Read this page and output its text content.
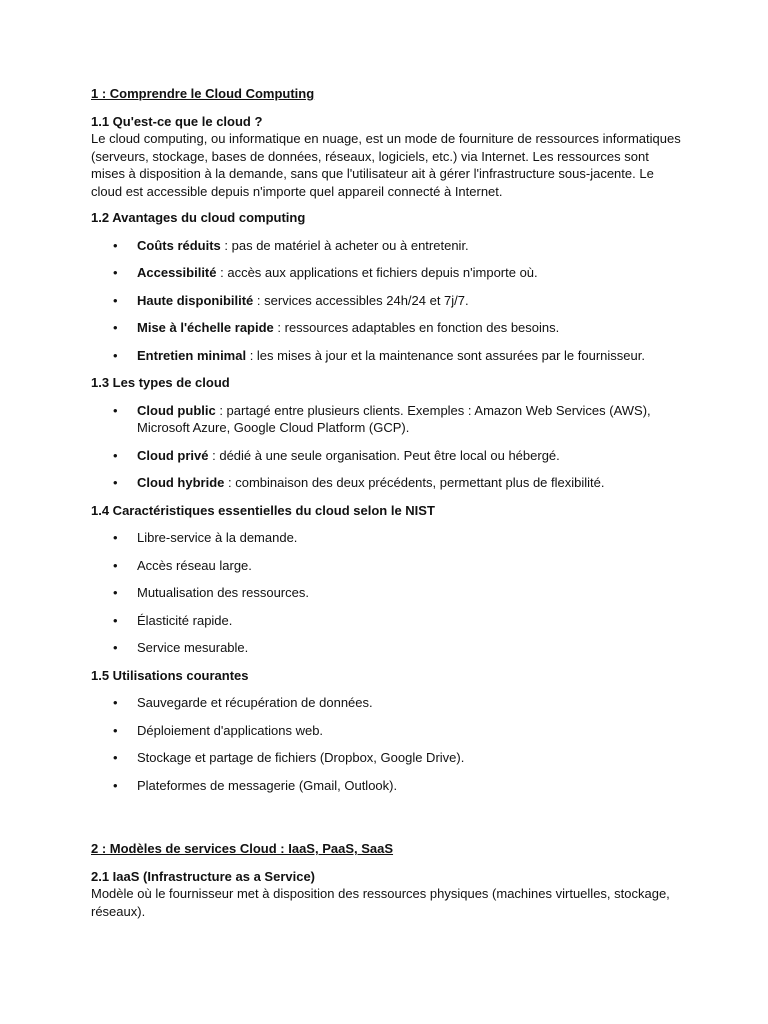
1 : Comprendre le Cloud Computing
1.1 Qu'est-ce que le cloud ?

Le cloud computing, ou informatique en nuage, est un mode de fourniture de ressources informatiques (serveurs, stockage, bases de données, réseaux, logiciels, etc.) via Internet. Les ressources sont mises à disposition à la demande, sans que l'utilisateur ait à gérer l'infrastructure sous-jacente. Le cloud est accessible depuis n'importe quel appareil connecté à Internet.

1.2 Avantages du cloud computing
• Coûts réduits : pas de matériel à acheter ou à entretenir.
• Accessibilité : accès aux applications et fichiers depuis n'importe où.
• Haute disponibilité : services accessibles 24h/24 et 7j/7.
• Mise à l'échelle rapide : ressources adaptables en fonction des besoins.
• Entretien minimal : les mises à jour et la maintenance sont assurées par le fournisseur.
1.3 Les types de cloud
• Cloud public : partagé entre plusieurs clients. Exemples : Amazon Web Services (AWS), Microsoft Azure, Google Cloud Platform (GCP).
• Cloud privé : dédié à une seule organisation. Peut être local ou hébergé.
• Cloud hybride : combinaison des deux précédents, permettant plus de flexibilité.
1.4 Caractéristiques essentielles du cloud selon le NIST
• Libre-service à la demande.
• Accès réseau large.
• Mutualisation des ressources.
• Élasticité rapide.
• Service mesurable.
1.5 Utilisations courantes
• Sauvegarde et récupération de données.
• Déploiement d'applications web.
• Stockage et partage de fichiers (Dropbox, Google Drive).
• Plateformes de messagerie (Gmail, Outlook).
2 : Modèles de services Cloud : IaaS, PaaS, SaaS
2.1 IaaS (Infrastructure as a Service)

Modèle où le fournisseur met à disposition des ressources physiques (machines virtuelles, stockage, réseaux).
